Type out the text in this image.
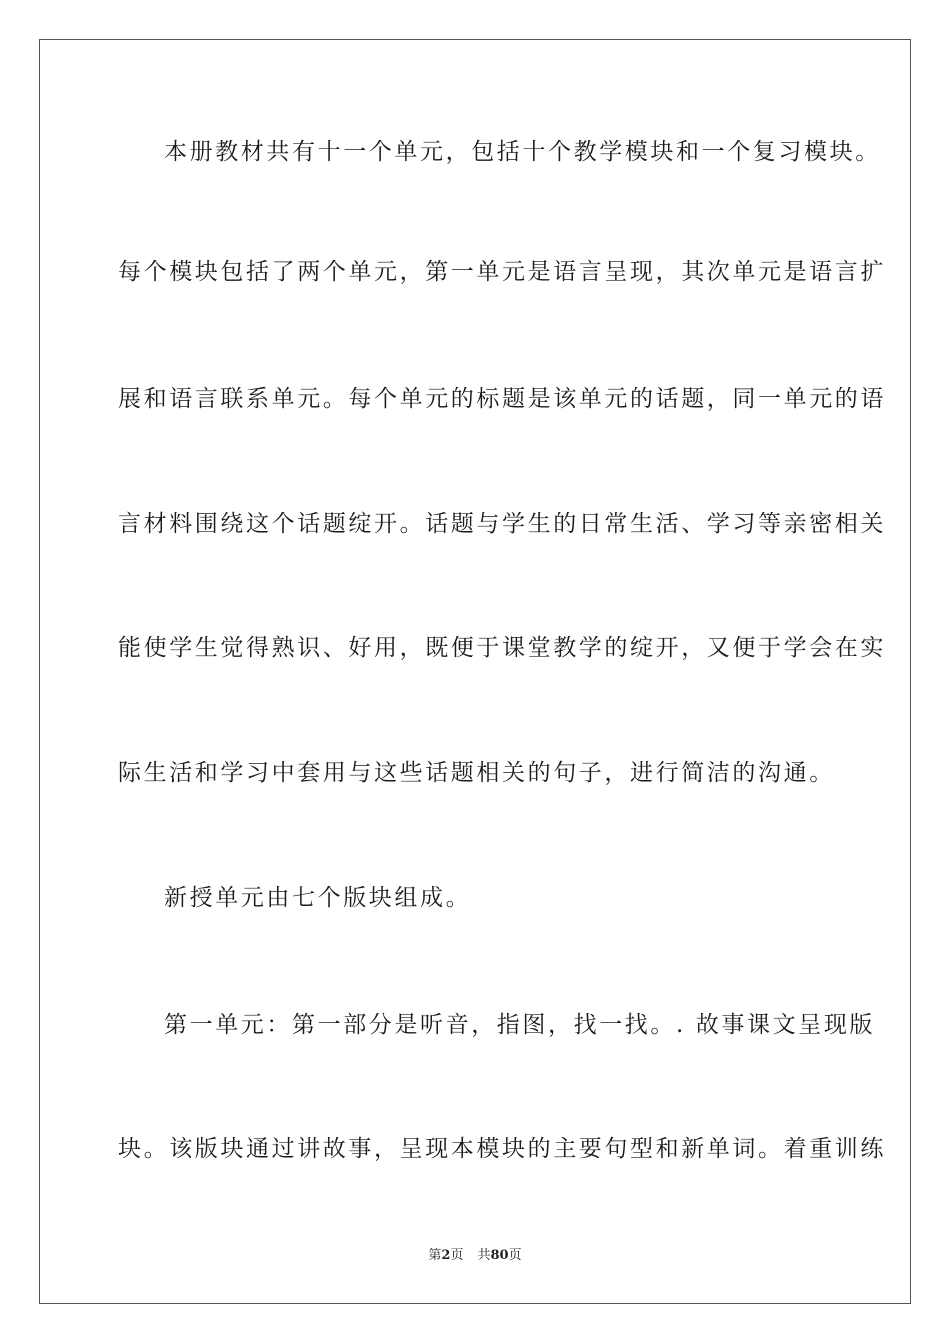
本册教材共有十一个单元，包括十个教学模块和一个复习模块。
每个模块包括了两个单元，第一单元是语言呈现，其次单元是语言扩
展和语言联系单元。每个单元的标题是该单元的话题，同一单元的语
言材料围绕这个话题绽开。话题与学生的日常生活、学习等亲密相关
能使学生觉得熟识、好用，既便于课堂教学的绽开，又便于学会在实
际生活和学习中套用与这些话题相关的句子，进行简洁的沟通。
新授单元由七个版块组成。
第一单元：第一部分是听音，指图，找一找。. 故事课文呈现版
块。该版块通过讲故事，呈现本模块的主要句型和新单词。着重训练
第2页 共80页
